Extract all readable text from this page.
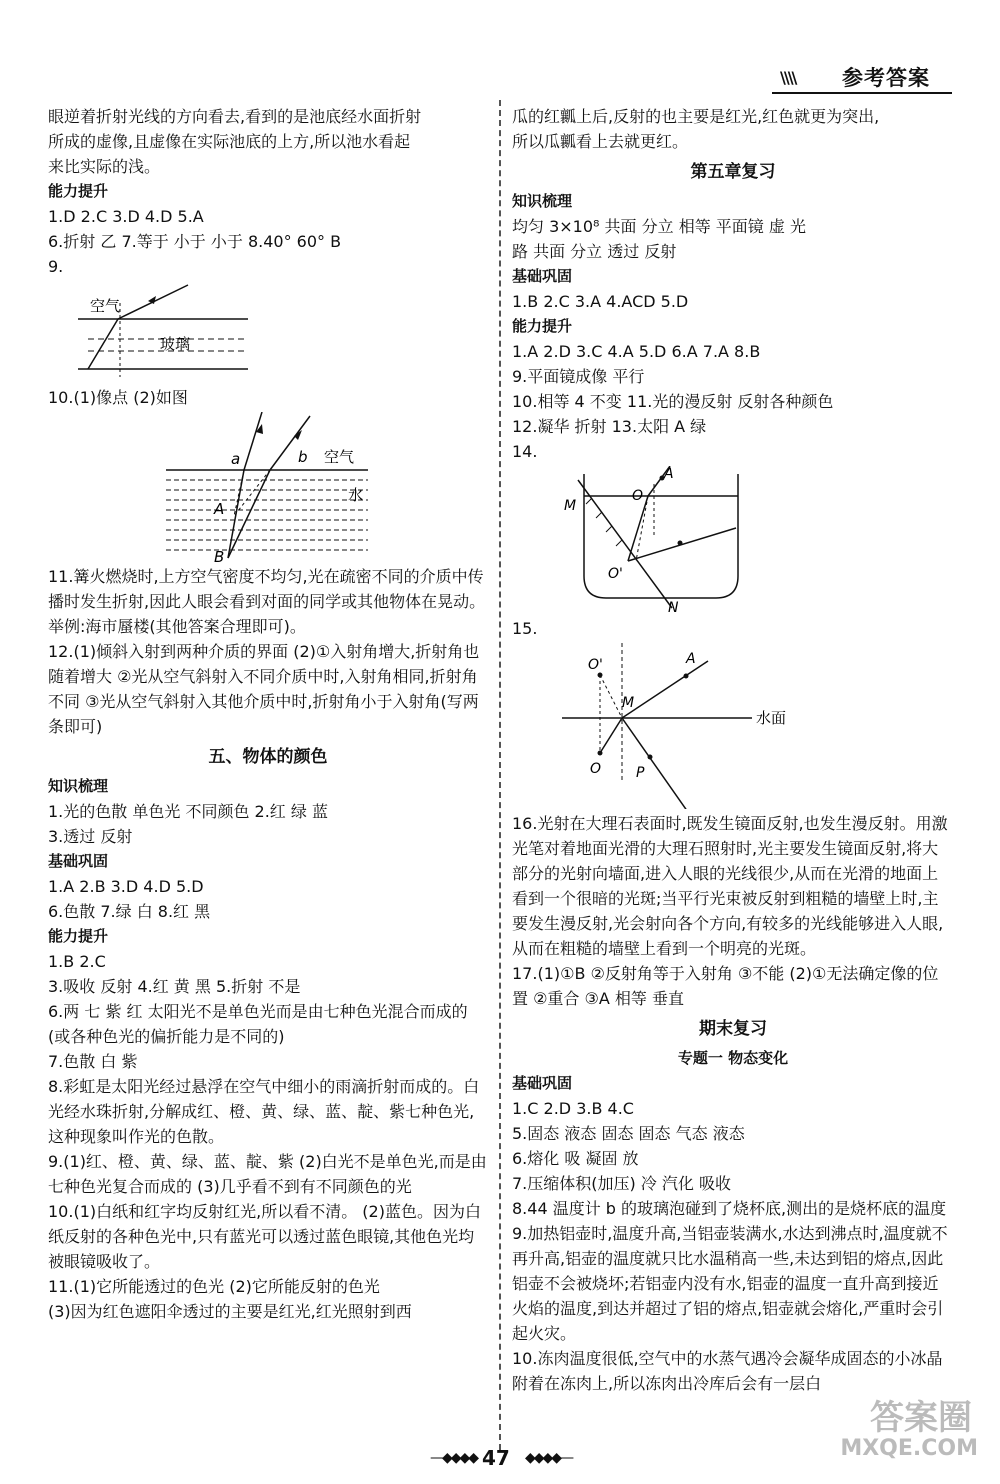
\\\\ 参考答案
眼逆着折射光线的方向看去,看到的是池底经水面折射
所成的虚像,且虚像在实际池底的上方,所以池水看起
来比实际的浅。
能力提升
1.D 2.C 3.D 4.D 5.A
6.折射 乙 7.等于 小于 小于 8.40° 60° B
9.
空气
玻璃
10.(1)像点 (2)如图
a	b 空气
水
A
B
11.篝火燃烧时,上方空气密度不均匀,光在疏密不同的介质中传播时发生折射,因此人眼会看到对面的同学或其他物体在晃动。举例:海市蜃楼(其他答案合理即可)。
12.(1)倾斜入射到两种介质的界面 (2)①入射角增大,折射角也随着增大 ②光从空气斜射入不同介质中时,入射角相同,折射角不同 ③光从空气斜射入其他介质中时,折射角小于入射角(写两条即可)
五、物体的颜色
知识梳理
1.光的色散 单色光 不同颜色 2.红 绿 蓝
3.透过 反射
基础巩固
1.A 2.B 3.D 4.D 5.D
6.色散 7.绿 白 8.红 黑
能力提升
1.B 2.C
3.吸收 反射 4.红 黄 黑 5.折射 不是
6.两 七 紫 红 太阳光不是单色光而是由七种色光混合而成的(或各种色光的偏折能力是不同的)
7.色散 白 紫
8.彩虹是太阳光经过悬浮在空气中细小的雨滴折射而成的。白光经水珠折射,分解成红、橙、黄、绿、蓝、靛、紫七种色光,这种现象叫作光的色散。
9.(1)红、橙、黄、绿、蓝、靛、紫 (2)白光不是单色光,而是由七种色光复合而成的 (3)几乎看不到有不同颜色的光
10.(1)白纸和红字均反射红光,所以看不清。 (2)蓝色。因为白纸反射的各种色光中,只有蓝光可以透过蓝色眼镜,其他色光均被眼镜吸收了。
11.(1)它所能透过的色光 (2)它所能反射的色光
(3)因为红色遮阳伞透过的主要是红光,红光照射到西
瓜的红瓤上后,反射的也主要是红光,红色就更为突出,
所以瓜瓤看上去就更红。
第五章复习
知识梳理
均匀 3×10⁸ 共面 分立 相等 平面镜 虚 光
路 共面 分立 透过 反射
基础巩固
1.B 2.C 3.A 4.ACD 5.D
能力提升
1.A 2.D 3.C 4.A 5.D 6.A 7.A 8.B
9.平面镜成像 平行
10.相等 4 不变 11.光的漫反射 反射各种颜色
12.凝华 折射 13.太阳 A 绿
14.
M
N
A
O
O'
15.
O'	A
M
O P
水面
16.光射在大理石表面时,既发生镜面反射,也发生漫反射。用激光笔对着地面光滑的大理石照射时,光主要发生镜面反射,将大部分的光射向墙面,进入人眼的光线很少,从而在光滑的地面上看到一个很暗的光斑;当平行光束被反射到粗糙的墙壁上时,主要发生漫反射,光会射向各个方向,有较多的光线能够进入人眼,从而在粗糙的墙壁上看到一个明亮的光斑。
17.(1)①B ②反射角等于入射角 ③不能 (2)①无法确定像的位置 ②重合 ③A 相等 垂直
期末复习
专题一 物态变化
基础巩固
1.C 2.D 3.B 4.C
5.固态 液态 固态 固态 气态 液态
6.熔化 吸 凝固 放
7.压缩体积(加压) 冷 汽化 吸收
8.44 温度计 b 的玻璃泡碰到了烧杯底,测出的是烧杯底的温度
9.加热铝壶时,温度升高,当铝壶装满水,水达到沸点时,温度就不再升高,铝壶的温度就只比水温稍高一些,未达到铝的熔点,因此铝壶不会被烧坏;若铝壶内没有水,铝壶的温度一直升高到接近火焰的温度,到达并超过了铝的熔点,铝壶就会熔化,严重时会引起火灾。
10.冻肉温度很低,空气中的水蒸气遇冷会凝华成固态的小冰晶附着在冻肉上,所以冻肉出冷库后会有一层白
—◆◆◆◆ 47 ◆◆◆◆—
答案圈
MXQE.COM
